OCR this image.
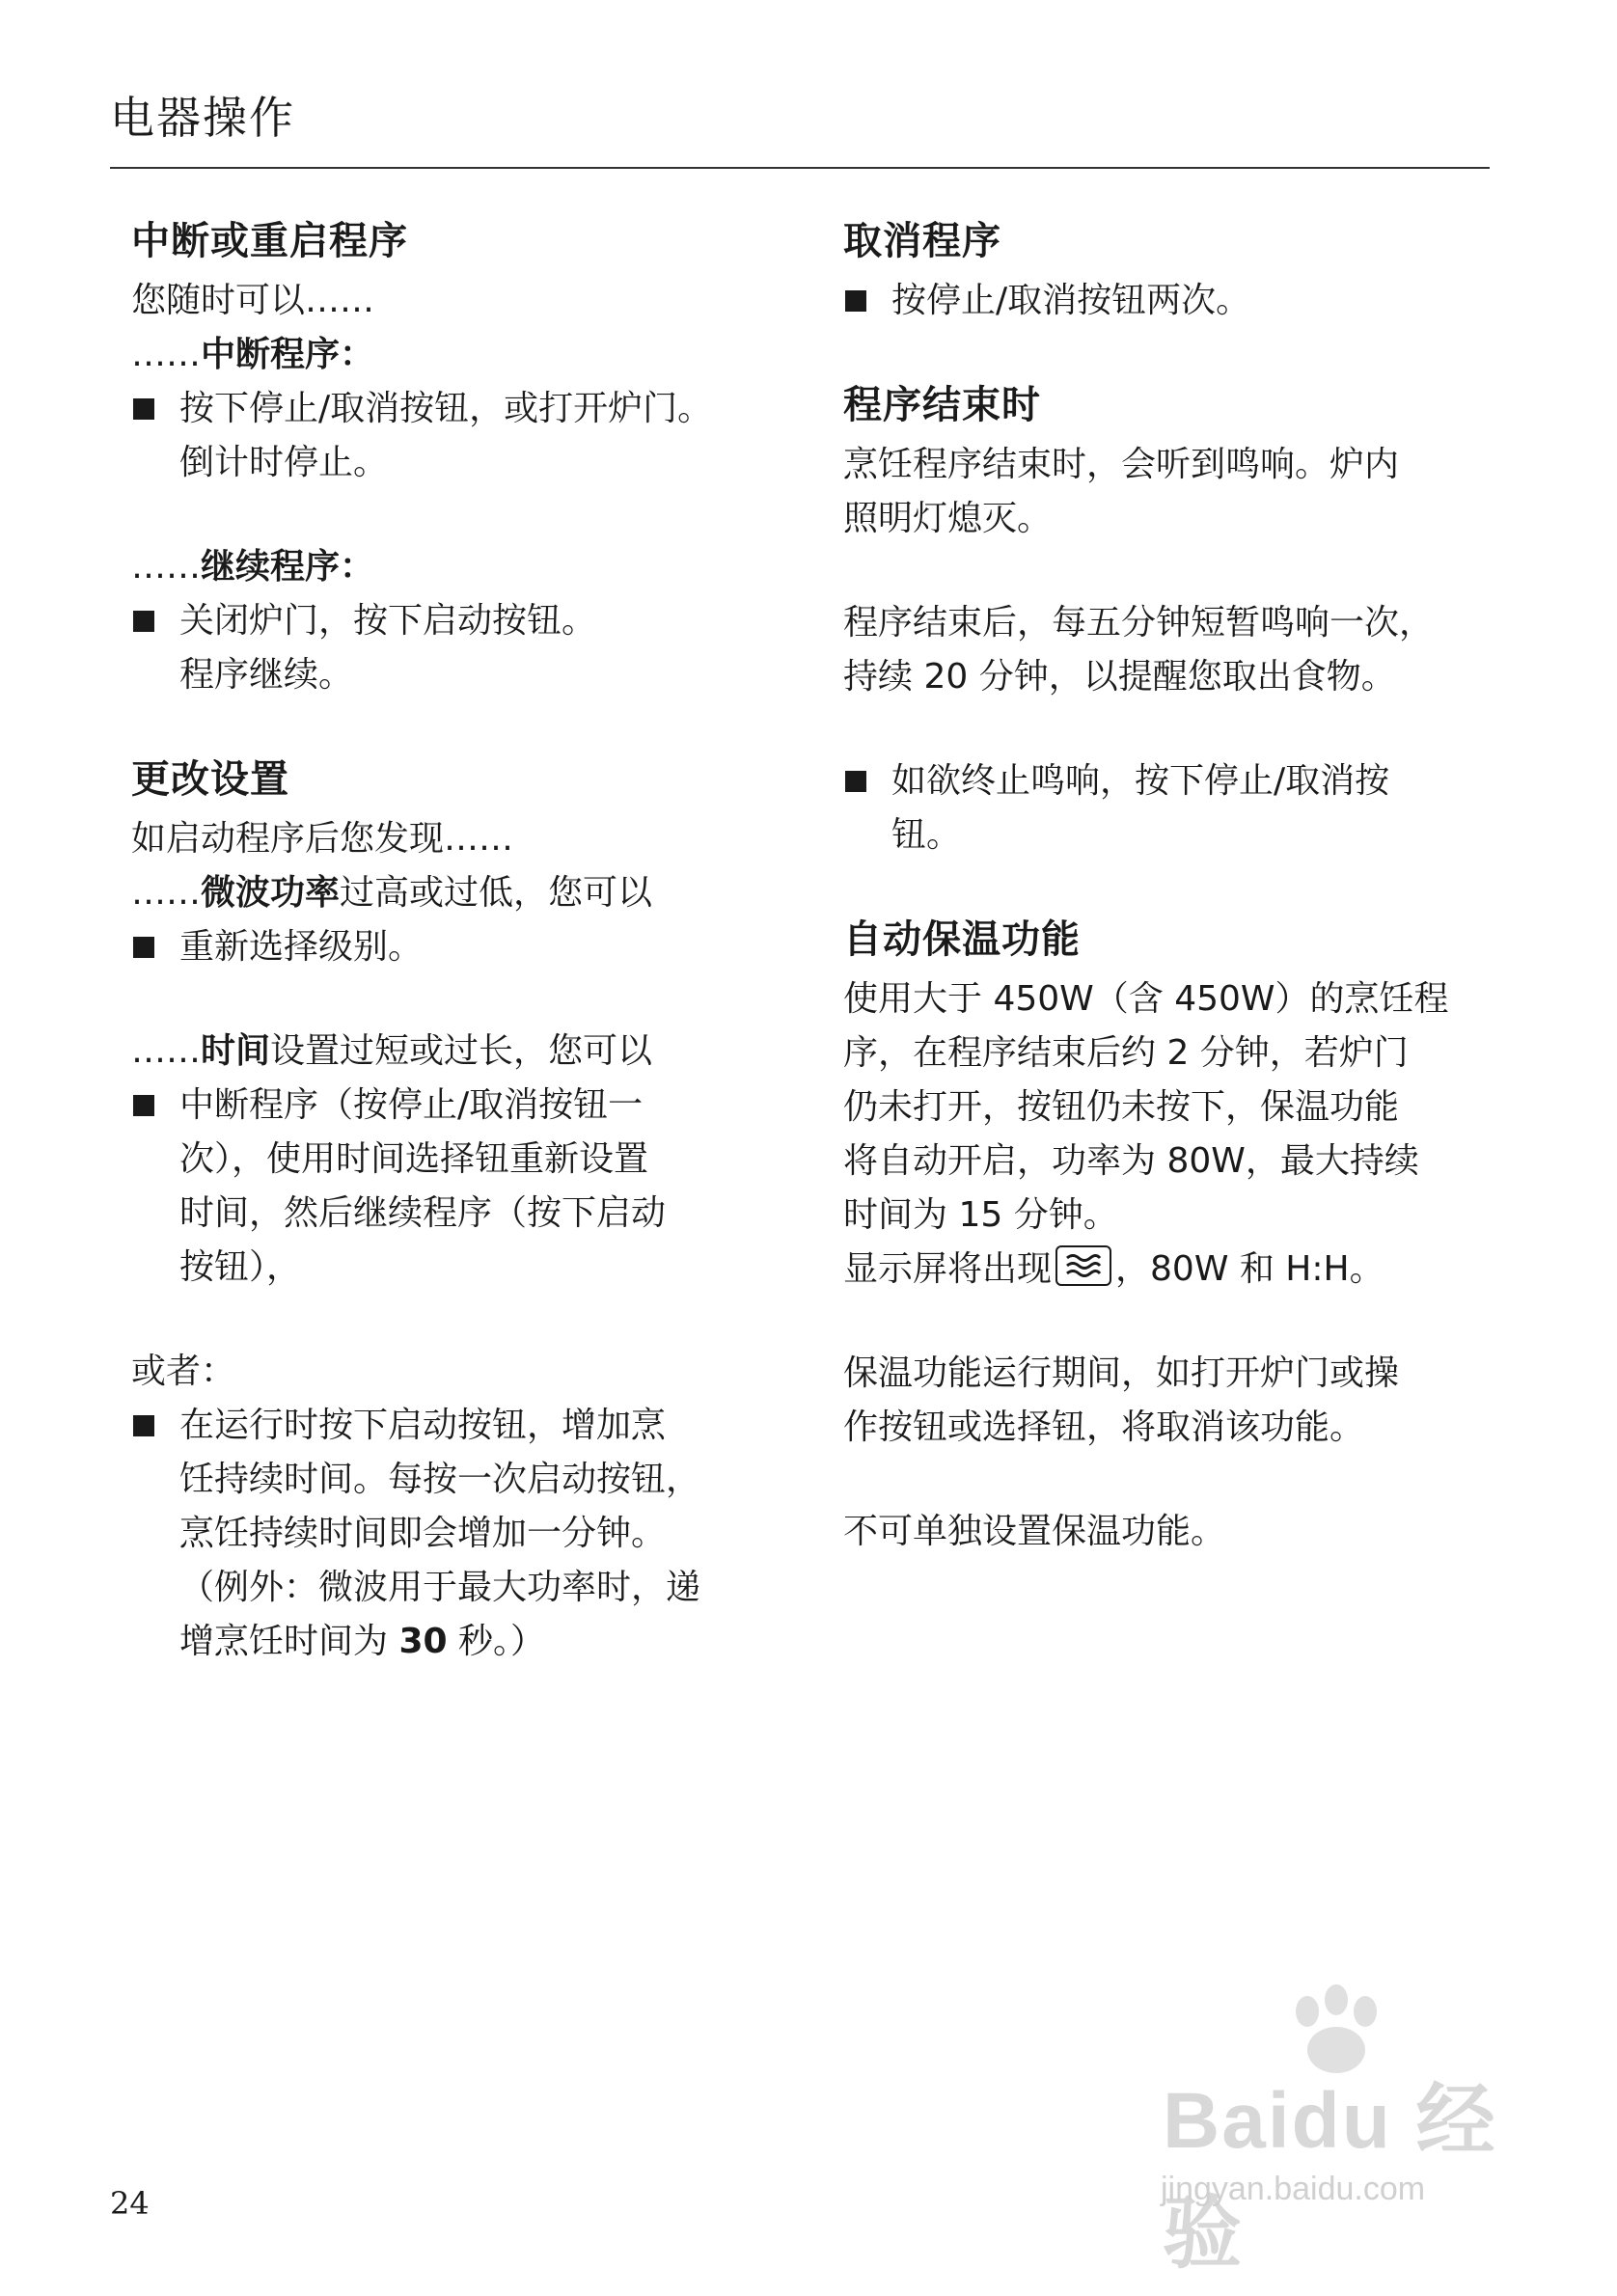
电器操作
中断或重启程序
您随时可以……
……中断程序：
按下停止/取消按钮，或打开炉门。
倒计时停止。
……继续程序：
关闭炉门，按下启动按钮。
程序继续。
更改设置
如启动程序后您发现……
……微波功率过高或过低，您可以
重新选择级别。
……时间设置过短或过长，您可以
中断程序（按停止/取消按钮一
次），使用时间选择钮重新设置
时间，然后继续程序（按下启动
按钮），
或者：
在运行时按下启动按钮，增加烹
饪持续时间。每按一次启动按钮，
烹饪持续时间即会增加一分钟。
（例外：微波用于最大功率时，递
增烹饪时间为 30 秒。）
取消程序
按停止/取消按钮两次。
程序结束时
烹饪程序结束时，会听到鸣响。炉内
照明灯熄灭。
程序结束后，每五分钟短暂鸣响一次，
持续 20 分钟，以提醒您取出食物。
如欲终止鸣响，按下停止/取消按
钮。
自动保温功能
使用大于 450W（含 450W）的烹饪程
序，在程序结束后约 2 分钟，若炉门
仍未打开，按钮仍未按下，保温功能
将自动开启，功率为 80W，最大持续
时间为 15 分钟。
显示屏将出现 ，80W 和 H:H。
保温功能运行期间，如打开炉门或操
作按钮或选择钮，将取消该功能。
不可单独设置保温功能。
24
Baidu 经验
jingyan.baidu.com
